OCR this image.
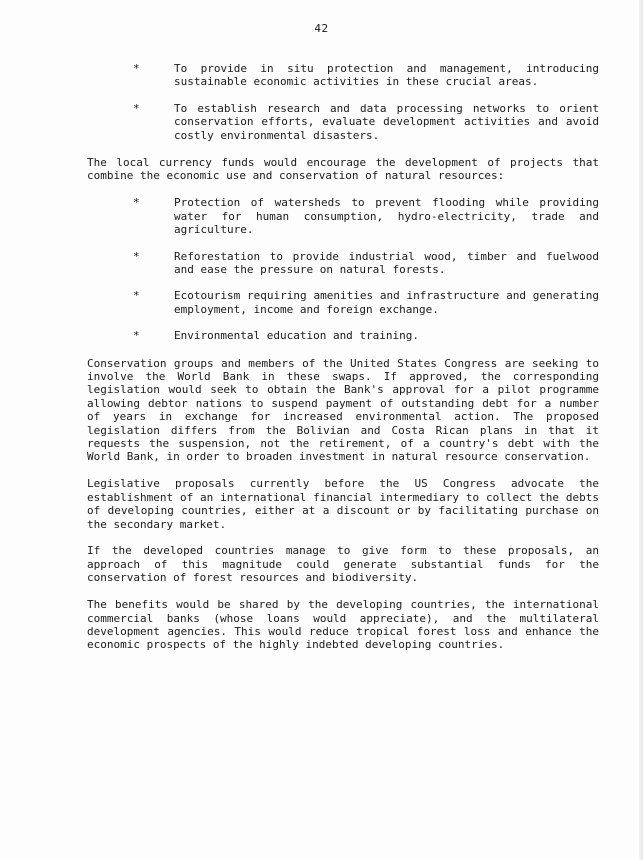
42
*	To provide in situ protection and management, introducing sustainable economic activities in these crucial areas.
*	To establish research and data processing networks to orient conservation efforts, evaluate development activities and avoid costly environmental disasters.

The local currency funds would encourage the development of projects that combine the economic use and conservation of natural resources:

*	Protection of watersheds to prevent flooding while providing water for human consumption, hydro-electricity, trade and agriculture.
*	Reforestation to provide industrial wood, timber and fuelwood and ease the pressure on natural forests.
*	Ecotourism requiring amenities and infrastructure and generating employment, income and foreign exchange.
*	Environmental education and training.

Conservation groups and members of the United States Congress are seeking to involve the World Bank in these swaps. If approved, the corresponding legislation would seek to obtain the Bank's approval for a pilot programme allowing debtor nations to suspend payment of outstanding debt for a number of years in exchange for increased environmental action. The proposed legislation differs from the Bolivian and Costa Rican plans in that it requests the suspension, not the retirement, of a country's debt with the World Bank, in order to broaden investment in natural resource conservation.

Legislative proposals currently before the US Congress advocate the establishment of an international financial intermediary to collect the debts of developing countries, either at a discount or by facilitating purchase on the secondary market.

If the developed countries manage to give form to these proposals, an approach of this magnitude could generate substantial funds for the conservation of forest resources and biodiversity.

The benefits would be shared by the developing countries, the international commercial banks (whose loans would appreciate), and the multilateral development agencies. This would reduce tropical forest loss and enhance the economic prospects of the highly indebted developing countries.
